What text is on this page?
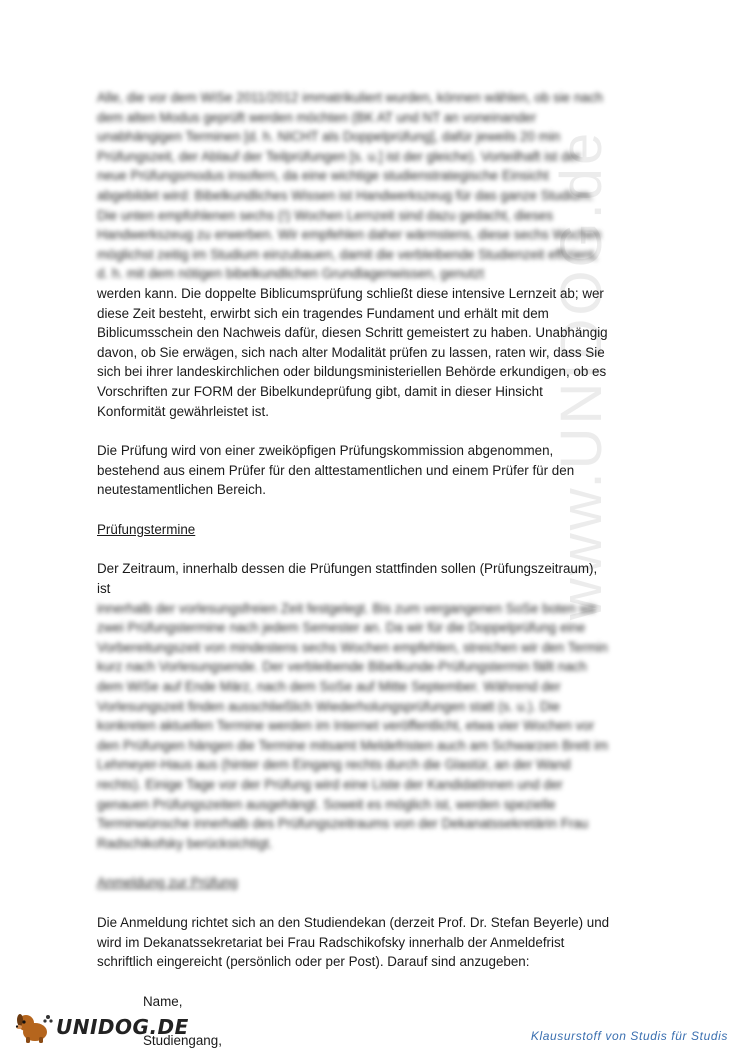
www.UNIDOG.de

Alle, die vor dem WiSe 2011/2012 immatrikuliert wurden, können wählen, ob sie nach dem alten Modus geprüft werden möchten (BK AT und NT an voneinander unabhängigen Terminen [d. h. NICHT als Doppelprüfung], dafür jeweils 20 min Prüfungszeit, der Ablauf der Teilprüfungen [s. u.] ist der gleiche). Vorteilhaft ist der neue Prüfungsmodus insofern, da eine wichtige studienstrategische Einsicht abgebildet wird: Bibelkundliches Wissen ist Handwerkszeug für das ganze Studium. Die unten empfohlenen sechs (!) Wochen Lernzeit sind dazu gedacht, dieses Handwerkszeug zu erwerben. Wir empfehlen daher wärmstens, diese sechs Wochen möglichst zeitig im Studium einzubauen, damit die verbleibende Studienzeit effizient, d. h. mit dem nötigen bibelkundlichen Grundlagenwissen, genutzt

werden kann. Die doppelte Biblicumsprüfung schließt diese intensive Lernzeit ab; wer diese Zeit besteht, erwirbt sich ein tragendes Fundament und erhält mit dem Biblicumsschein den Nachweis dafür, diesen Schritt gemeistert zu haben. Unabhängig davon, ob Sie erwägen, sich nach alter Modalität prüfen zu lassen, raten wir, dass Sie sich bei ihrer landeskirchlichen oder bildungsministeriellen Behörde erkundigen, ob es Vorschriften zur FORM der Bibelkundeprüfung gibt, damit in dieser Hinsicht Konformität gewährleistet ist.

Die Prüfung wird von einer zweiköpfigen Prüfungskommission abgenommen, bestehend aus einem Prüfer für den alttestamentlichen und einem Prüfer für den neutestamentlichen Bereich.

Prüfungstermine

Der Zeitraum, innerhalb dessen die Prüfungen stattfinden sollen (Prüfungszeitraum), ist

innerhalb der vorlesungsfreien Zeit festgelegt. Bis zum vergangenen SoSe boten wir zwei Prüfungstermine nach jedem Semester an. Da wir für die Doppelprüfung eine Vorbereitungszeit von mindestens sechs Wochen empfehlen, streichen wir den Termin kurz nach Vorlesungsende. Der verbleibende Bibelkunde-Prüfungstermin fällt nach dem WiSe auf Ende März, nach dem SoSe auf Mitte September. Während der Vorlesungszeit finden ausschließlich Wiederholungsprüfungen statt (s. u.). Die konkreten aktuellen Termine werden im Internet veröffentlicht, etwa vier Wochen vor den Prüfungen hängen die Termine mitsamt Meldefristen auch am Schwarzen Brett im Lehmeyer-Haus aus (hinter dem Eingang rechts durch die Glastür, an der Wand rechts). Einige Tage vor der Prüfung wird eine Liste der KandidatInnen und der genauen Prüfungszeiten ausgehängt. Soweit es möglich ist, werden spezielle Terminwünsche innerhalb des Prüfungszeitraums von der Dekanatssekretärin Frau Radschikofsky berücksichtigt.

Anmeldung zur Prüfung

Die Anmeldung richtet sich an den Studiendekan (derzeit Prof. Dr. Stefan Beyerle) und wird im Dekanatssekretariat bei Frau Radschikofsky innerhalb der Anmeldefrist schriftlich eingereicht (persönlich oder per Post). Darauf sind anzugeben:

Name,

Studiengang,

UNIDOG.DE	Klausurstoff von Studis für Studis
